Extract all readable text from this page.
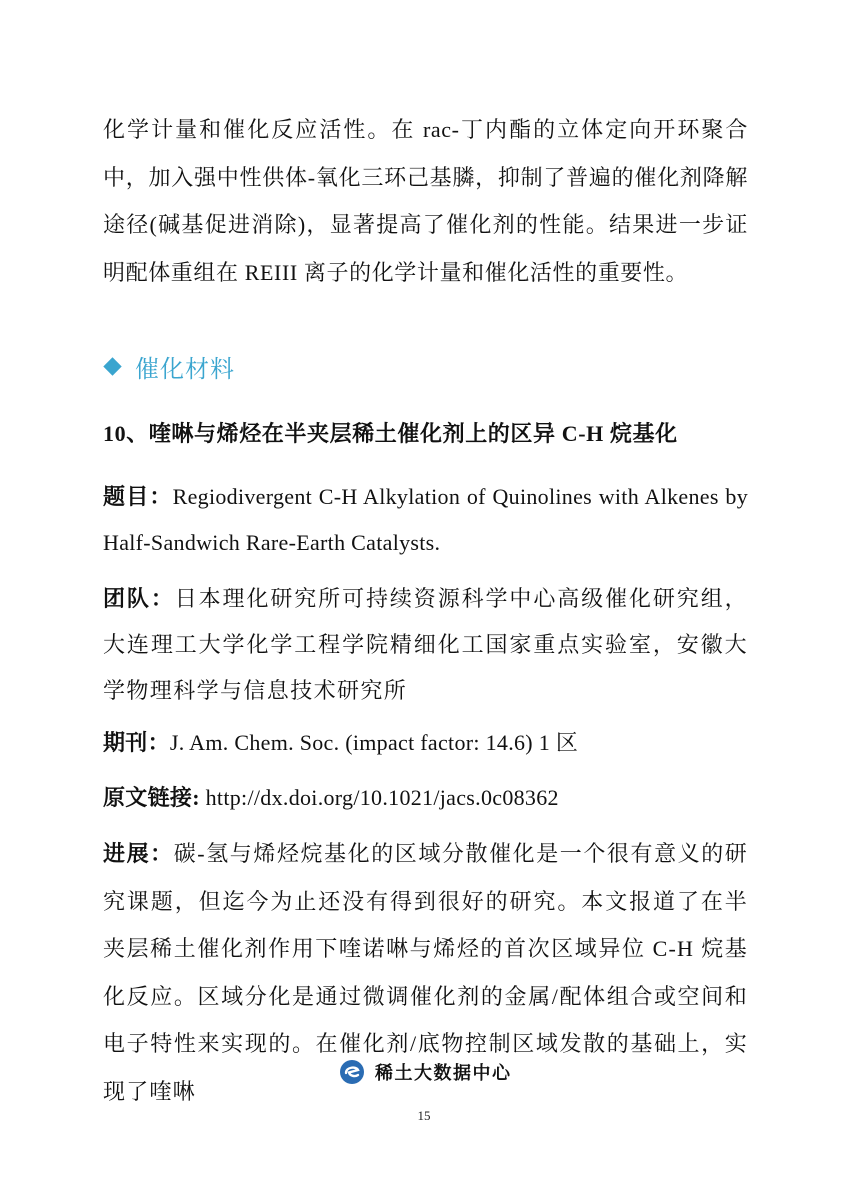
化学计量和催化反应活性。在 rac-丁内酯的立体定向开环聚合中，加入强中性供体-氧化三环己基膦，抑制了普遍的催化剂降解途径(碱基促进消除)，显著提高了催化剂的性能。结果进一步证明配体重组在 REIII 离子的化学计量和催化活性的重要性。
催化材料
10、喹啉与烯烃在半夹层稀土催化剂上的区异 C-H 烷基化
题目：Regiodivergent C-H Alkylation of Quinolines with Alkenes by Half-Sandwich Rare-Earth Catalysts.
团队：日本理化研究所可持续资源科学中心高级催化研究组，大连理工大学化学工程学院精细化工国家重点实验室，安徽大学物理科学与信息技术研究所
期刊：J. Am. Chem. Soc. (impact factor: 14.6) 1 区
原文链接: http://dx.doi.org/10.1021/jacs.0c08362
进展：碳-氢与烯烃烷基化的区域分散催化是一个很有意义的研究课题，但迄今为止还没有得到很好的研究。本文报道了在半夹层稀土催化剂作用下喹诺啉与烯烃的首次区域异位 C-H 烷基化反应。区域分化是通过微调催化剂的金属/配体组合或空间和电子特性来实现的。在催化剂/底物控制区域发散的基础上，实现了喹啉
稀土大数据中心
15
